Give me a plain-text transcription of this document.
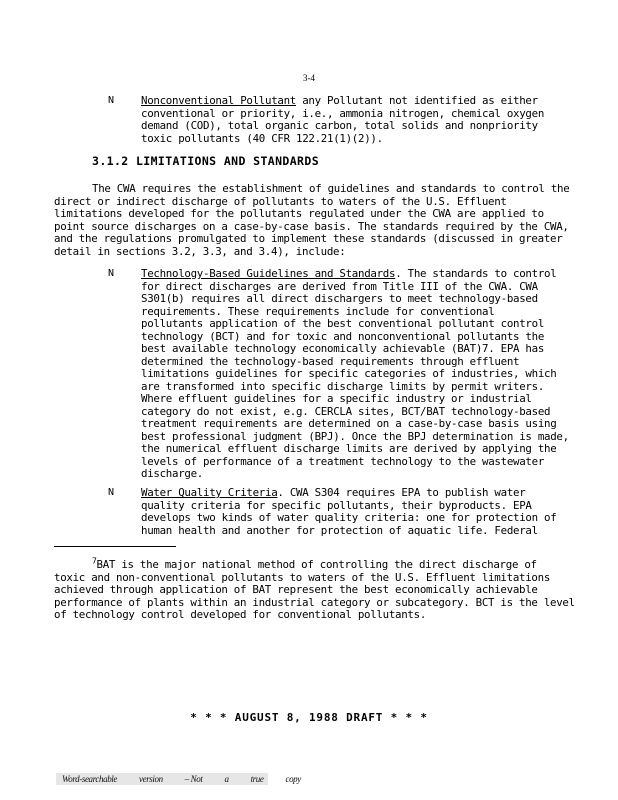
3-4
N	Nonconventional Pollutant any Pollutant not identified as either
conventional or priority, i.e., ammonia nitrogen, chemical oxygen
demand (COD), total organic carbon, total solids and nonpriority
toxic pollutants (40 CFR 122.21(1)(2)).
3.1.2 LIMITATIONS AND STANDARDS
The CWA requires the establishment of guidelines and standards to control the
direct or indirect discharge of pollutants to waters of the U.S. Effluent
limitations developed for the pollutants regulated under the CWA are applied to
point source discharges on a case-by-case basis. The standards required by the CWA,
and the regulations promulgated to implement these standards (discussed in greater
detail in sections 3.2, 3.3, and 3.4), include:
N	Technology-Based Guidelines and Standards. The standards to control
for direct discharges are derived from Title III of the CWA. CWA
S301(b) requires all direct dischargers to meet technology-based
requirements. These requirements include for conventional
pollutants application of the best conventional pollutant control
technology (BCT) and for toxic and nonconventional pollutants the
best available technology economically achievable (BAT)7. EPA has
determined the technology-based requirements through effluent
limitations guidelines for specific categories of industries, which
are transformed into specific discharge limits by permit writers.
Where effluent guidelines for a specific industry or industrial
category do not exist, e.g. CERCLA sites, BCT/BAT technology-based
treatment requirements are determined on a case-by-case basis using
best professional judgment (BPJ). Once the BPJ determination is made,
the numerical effluent discharge limits are derived by applying the
levels of performance of a treatment technology to the wastewater
discharge.
N	Water Quality Criteria. CWA S304 requires EPA to publish water
quality criteria for specific pollutants, their byproducts. EPA
develops two kinds of water quality criteria: one for protection of
human health and another for protection of aquatic life. Federal
$^7$BAT is the major national method of controlling the direct discharge of
toxic and non-conventional pollutants to waters of the U.S. Effluent limitations
achieved through application of BAT represent the best economically achievable
performance of plants within an industrial category or subcategory. BCT is the level
of technology control developed for conventional pollutants.
* * * AUGUST 8, 1988 DRAFT * * *
Word-searchable version – Not a true copy
